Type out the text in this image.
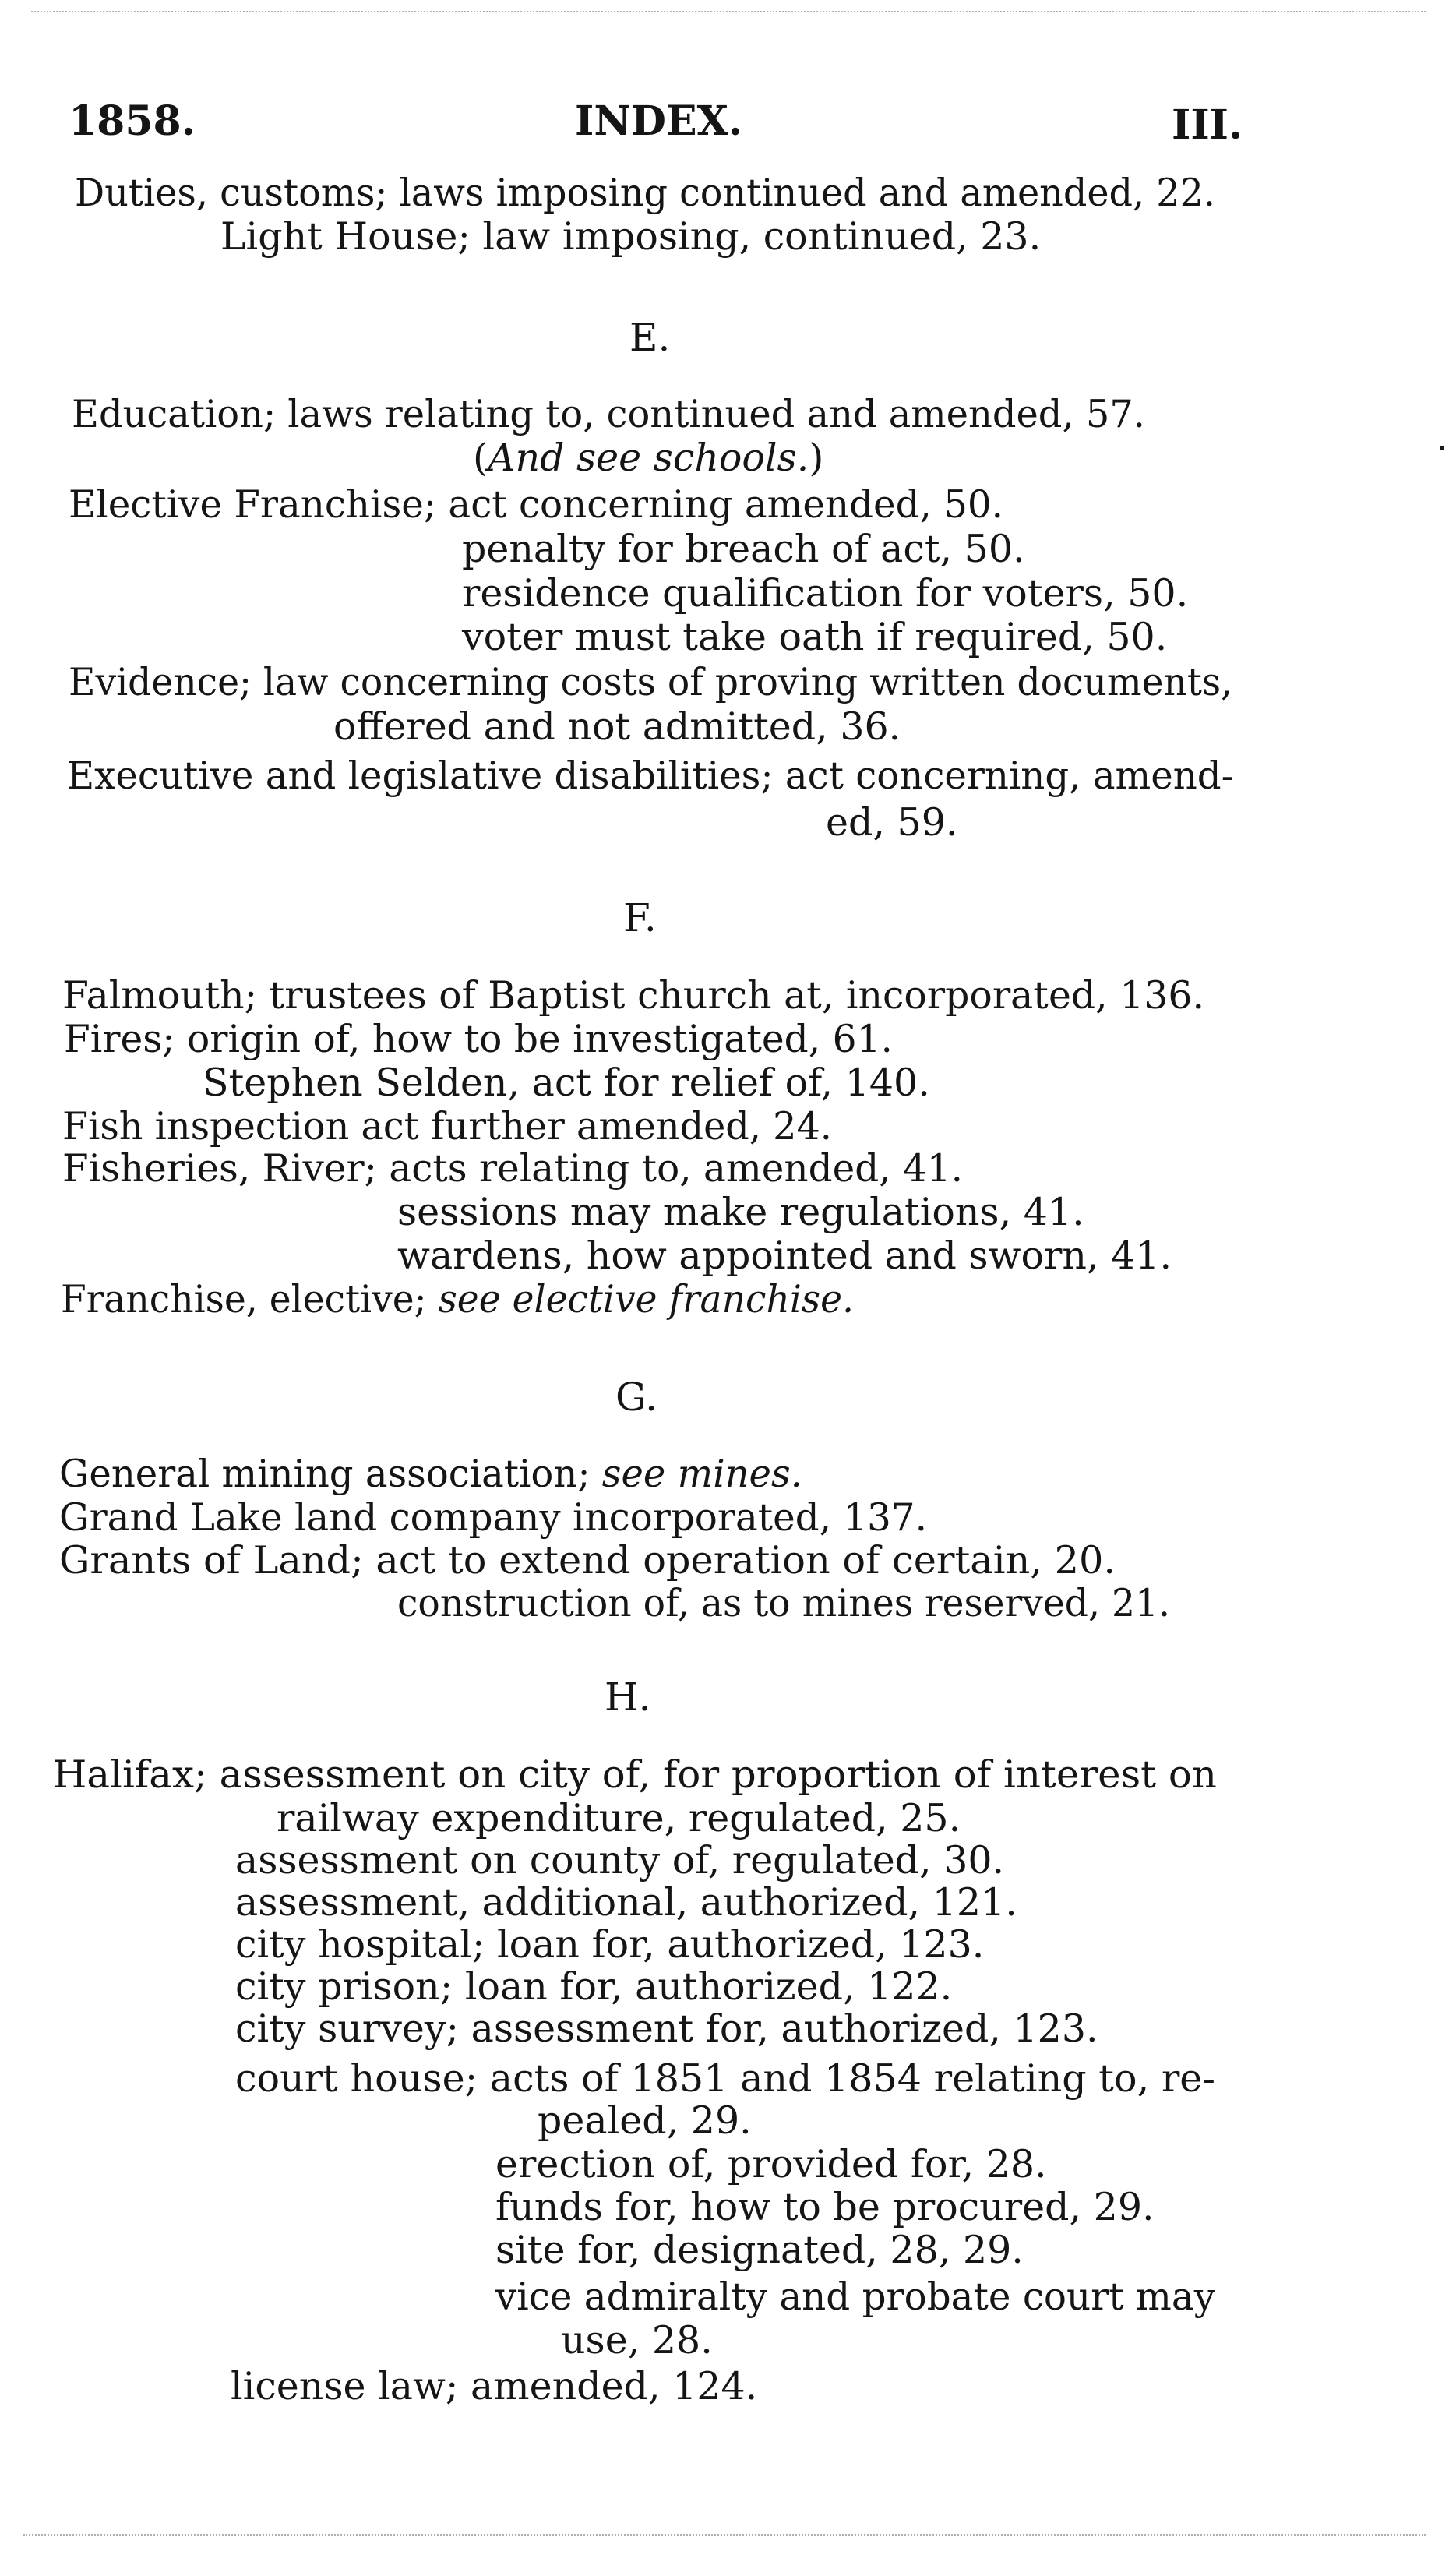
1858.	INDEX.	III.
Duties, customs; laws imposing continued and amended, 22.
Light House; law imposing, continued, 23.
E.
Education; laws relating to, continued and amended, 57.
(And see schools.)
Elective Franchise; act concerning amended, 50.
penalty for breach of act, 50.
residence qualification for voters, 50.
voter must take oath if required, 50.
Evidence; law concerning costs of proving written documents,
offered and not admitted, 36.
Executive and legislative disabilities; act concerning, amend-
ed, 59.
F.
Falmouth; trustees of Baptist church at, incorporated, 136.
Fires; origin of, how to be investigated, 61.
Stephen Selden, act for relief of, 140.
Fish inspection act further amended, 24.
Fisheries, River; acts relating to, amended, 41.
sessions may make regulations, 41.
wardens, how appointed and sworn, 41.
Franchise, elective; see elective franchise.
G.
General mining association; see mines.
Grand Lake land company incorporated, 137.
Grants of Land; act to extend operation of certain, 20.
construction of, as to mines reserved, 21.
H.
Halifax; assessment on city of, for proportion of interest on
railway expenditure, regulated, 25.
assessment on county of, regulated, 30.
assessment, additional, authorized, 121.
city hospital; loan for, authorized, 123.
city prison; loan for, authorized, 122.
city survey; assessment for, authorized, 123.
court house; acts of 1851 and 1854 relating to, re-
pealed, 29.
erection of, provided for, 28.
funds for, how to be procured, 29.
site for, designated, 28, 29.
vice admiralty and probate court may
use, 28.
license law; amended, 124.
